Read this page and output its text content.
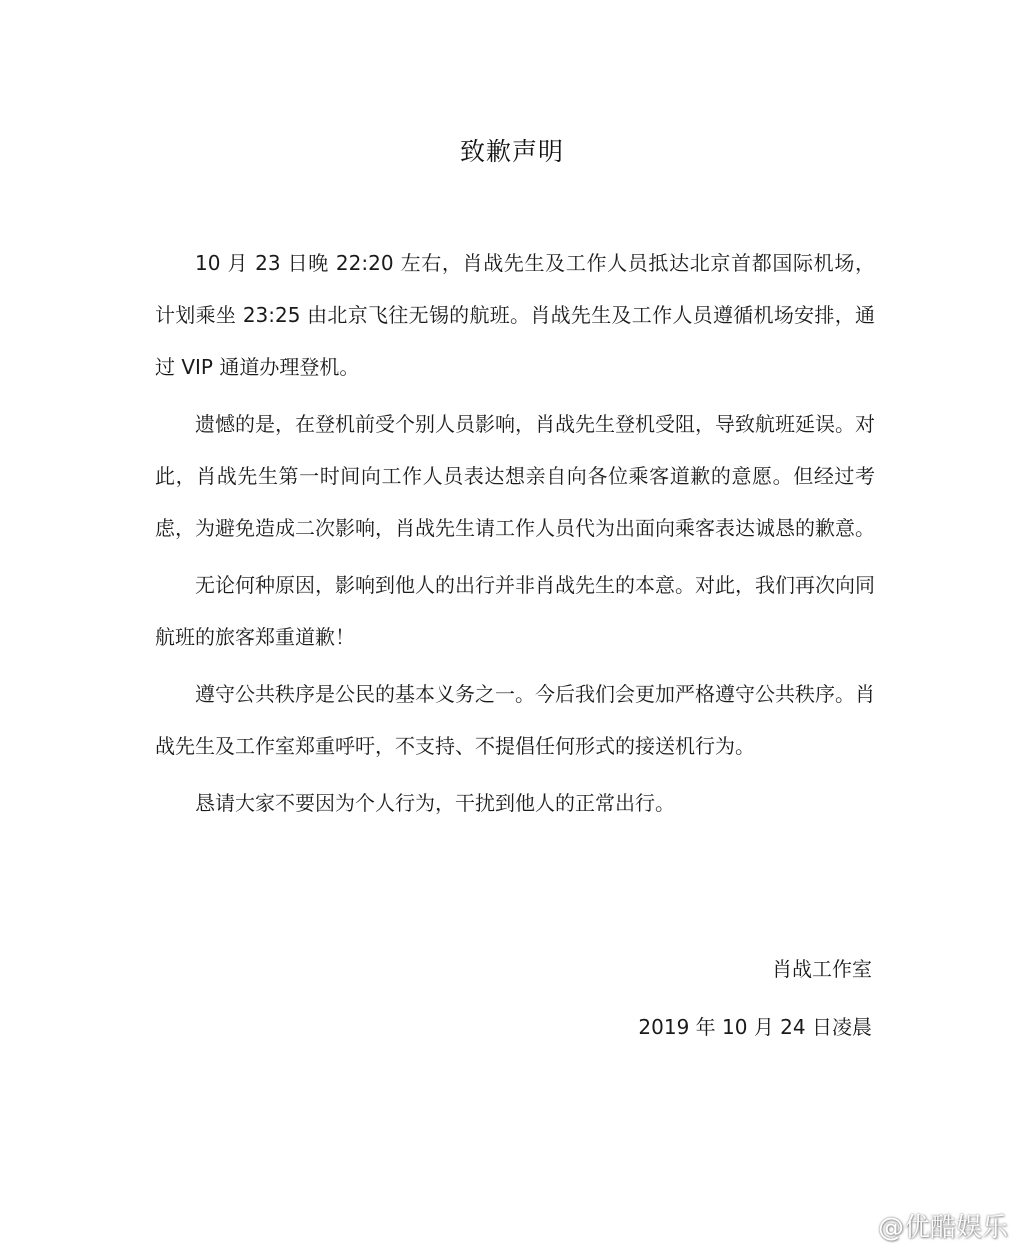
致歉声明

10 月 23 日晚 22:20 左右，肖战先生及工作人员抵达北京首都国际机场，计划乘坐 23:25 由北京飞往无锡的航班。肖战先生及工作人员遵循机场安排，通过 VIP 通道办理登机。

遗憾的是，在登机前受个别人员影响，肖战先生登机受阻，导致航班延误。对此，肖战先生第一时间向工作人员表达想亲自向各位乘客道歉的意愿。但经过考虑，为避免造成二次影响，肖战先生请工作人员代为出面向乘客表达诚恳的歉意。

无论何种原因，影响到他人的出行并非肖战先生的本意。对此，我们再次向同航班的旅客郑重道歉！

遵守公共秩序是公民的基本义务之一。今后我们会更加严格遵守公共秩序。肖战先生及工作室郑重呼吁，不支持、不提倡任何形式的接送机行为。

恳请大家不要因为个人行为，干扰到他人的正常出行。

肖战工作室
2019 年 10 月 24 日凌晨
@优酷娱乐
